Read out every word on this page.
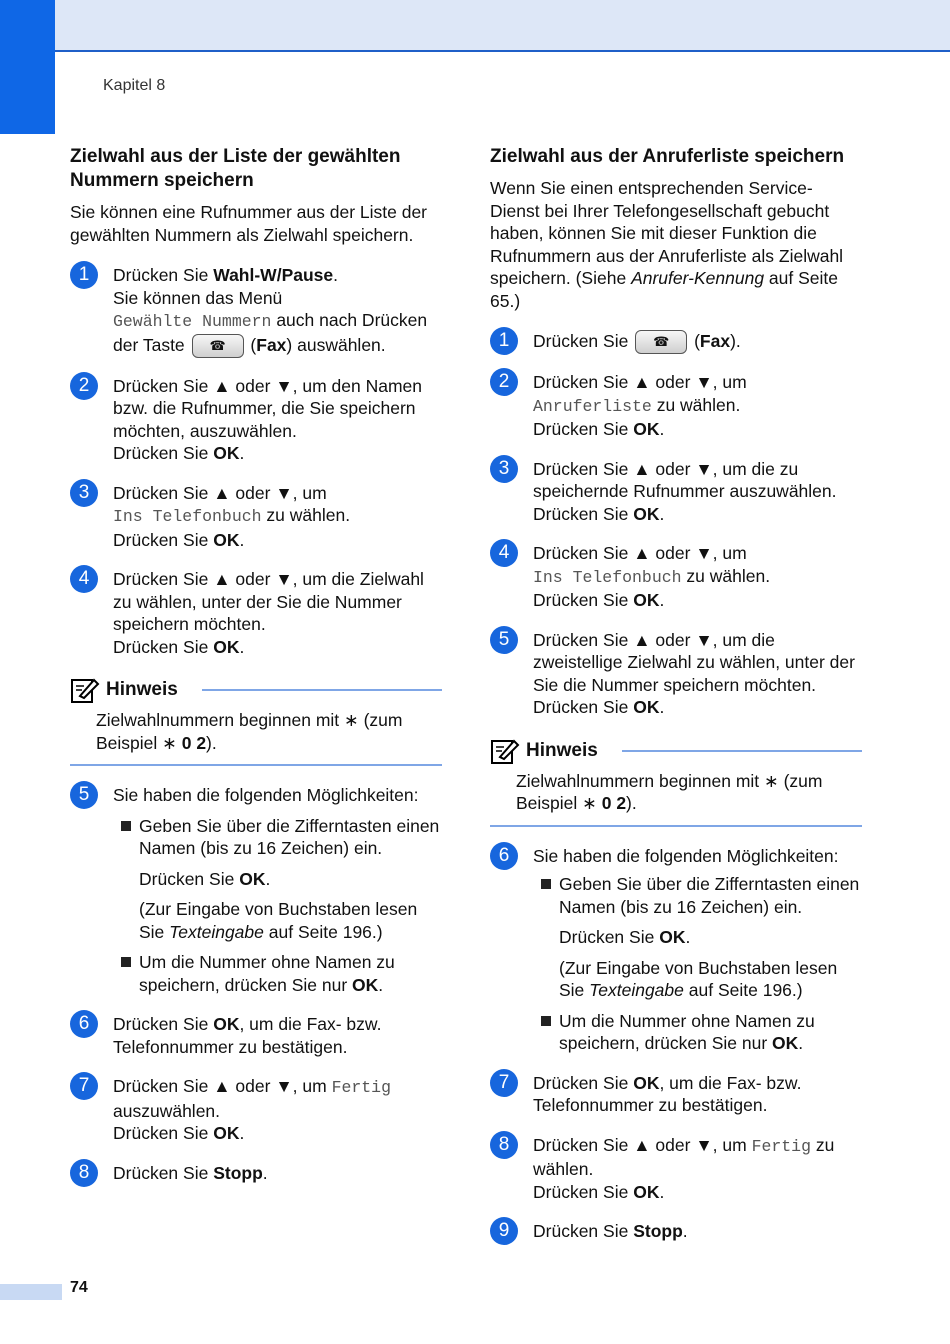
Kapitel 8
Zielwahl aus der Liste der gewählten Nummern speichern

Sie können eine Rufnummer aus der Liste der gewählten Nummern als Zielwahl speichern.

1	Drücken Sie Wahl-W/Pause.
Sie können das Menü
Gewählte Nummern auch nach Drücken der Taste ☎ (Fax) auswählen.
2	Drücken Sie ▲ oder ▼, um den Namen bzw. die Rufnummer, die Sie speichern möchten, auszuwählen.
Drücken Sie OK.
3	Drücken Sie ▲ oder ▼, um
Ins Telefonbuch zu wählen.
Drücken Sie OK.
4	Drücken Sie ▲ oder ▼, um die Zielwahl zu wählen, unter der Sie die Nummer speichern möchten.
Drücken Sie OK.
Hinweis
Zielwahlnummern beginnen mit ∗ (zum Beispiel ∗ 0 2).
5	Sie haben die folgenden Möglichkeiten:
Geben Sie über die Zifferntasten einen Namen (bis zu 16 Zeichen) ein.
Drücken Sie OK.
(Zur Eingabe von Buchstaben lesen Sie Texteingabe auf Seite 196.)
Um die Nummer ohne Namen zu speichern, drücken Sie nur OK.
6	Drücken Sie OK, um die Fax- bzw. Telefonnummer zu bestätigen.
7	Drücken Sie ▲ oder ▼, um Fertig auszuwählen.
Drücken Sie OK.
8	Drücken Sie Stopp.
Zielwahl aus der Anruferliste speichern

Wenn Sie einen entsprechenden Service-Dienst bei Ihrer Telefongesellschaft gebucht haben, können Sie mit dieser Funktion die Rufnummern aus der Anruferliste als Zielwahl speichern. (Siehe Anrufer-Kennung auf Seite 65.)

1	Drücken Sie ☎ (Fax).
2	Drücken Sie ▲ oder ▼, um Anruferliste zu wählen.
Drücken Sie OK.
3	Drücken Sie ▲ oder ▼, um die zu speichernde Rufnummer auszuwählen.
Drücken Sie OK.
4	Drücken Sie ▲ oder ▼, um
Ins Telefonbuch zu wählen.
Drücken Sie OK.
5	Drücken Sie ▲ oder ▼, um die zweistellige Zielwahl zu wählen, unter der Sie die Nummer speichern möchten.
Drücken Sie OK.
Hinweis
Zielwahlnummern beginnen mit ∗ (zum Beispiel ∗ 0 2).
6	Sie haben die folgenden Möglichkeiten:
Geben Sie über die Zifferntasten einen Namen (bis zu 16 Zeichen) ein.
Drücken Sie OK.
(Zur Eingabe von Buchstaben lesen Sie Texteingabe auf Seite 196.)
Um die Nummer ohne Namen zu speichern, drücken Sie nur OK.
7	Drücken Sie OK, um die Fax- bzw. Telefonnummer zu bestätigen.
8	Drücken Sie ▲ oder ▼, um Fertig zu wählen.
Drücken Sie OK.
9	Drücken Sie Stopp.
74
